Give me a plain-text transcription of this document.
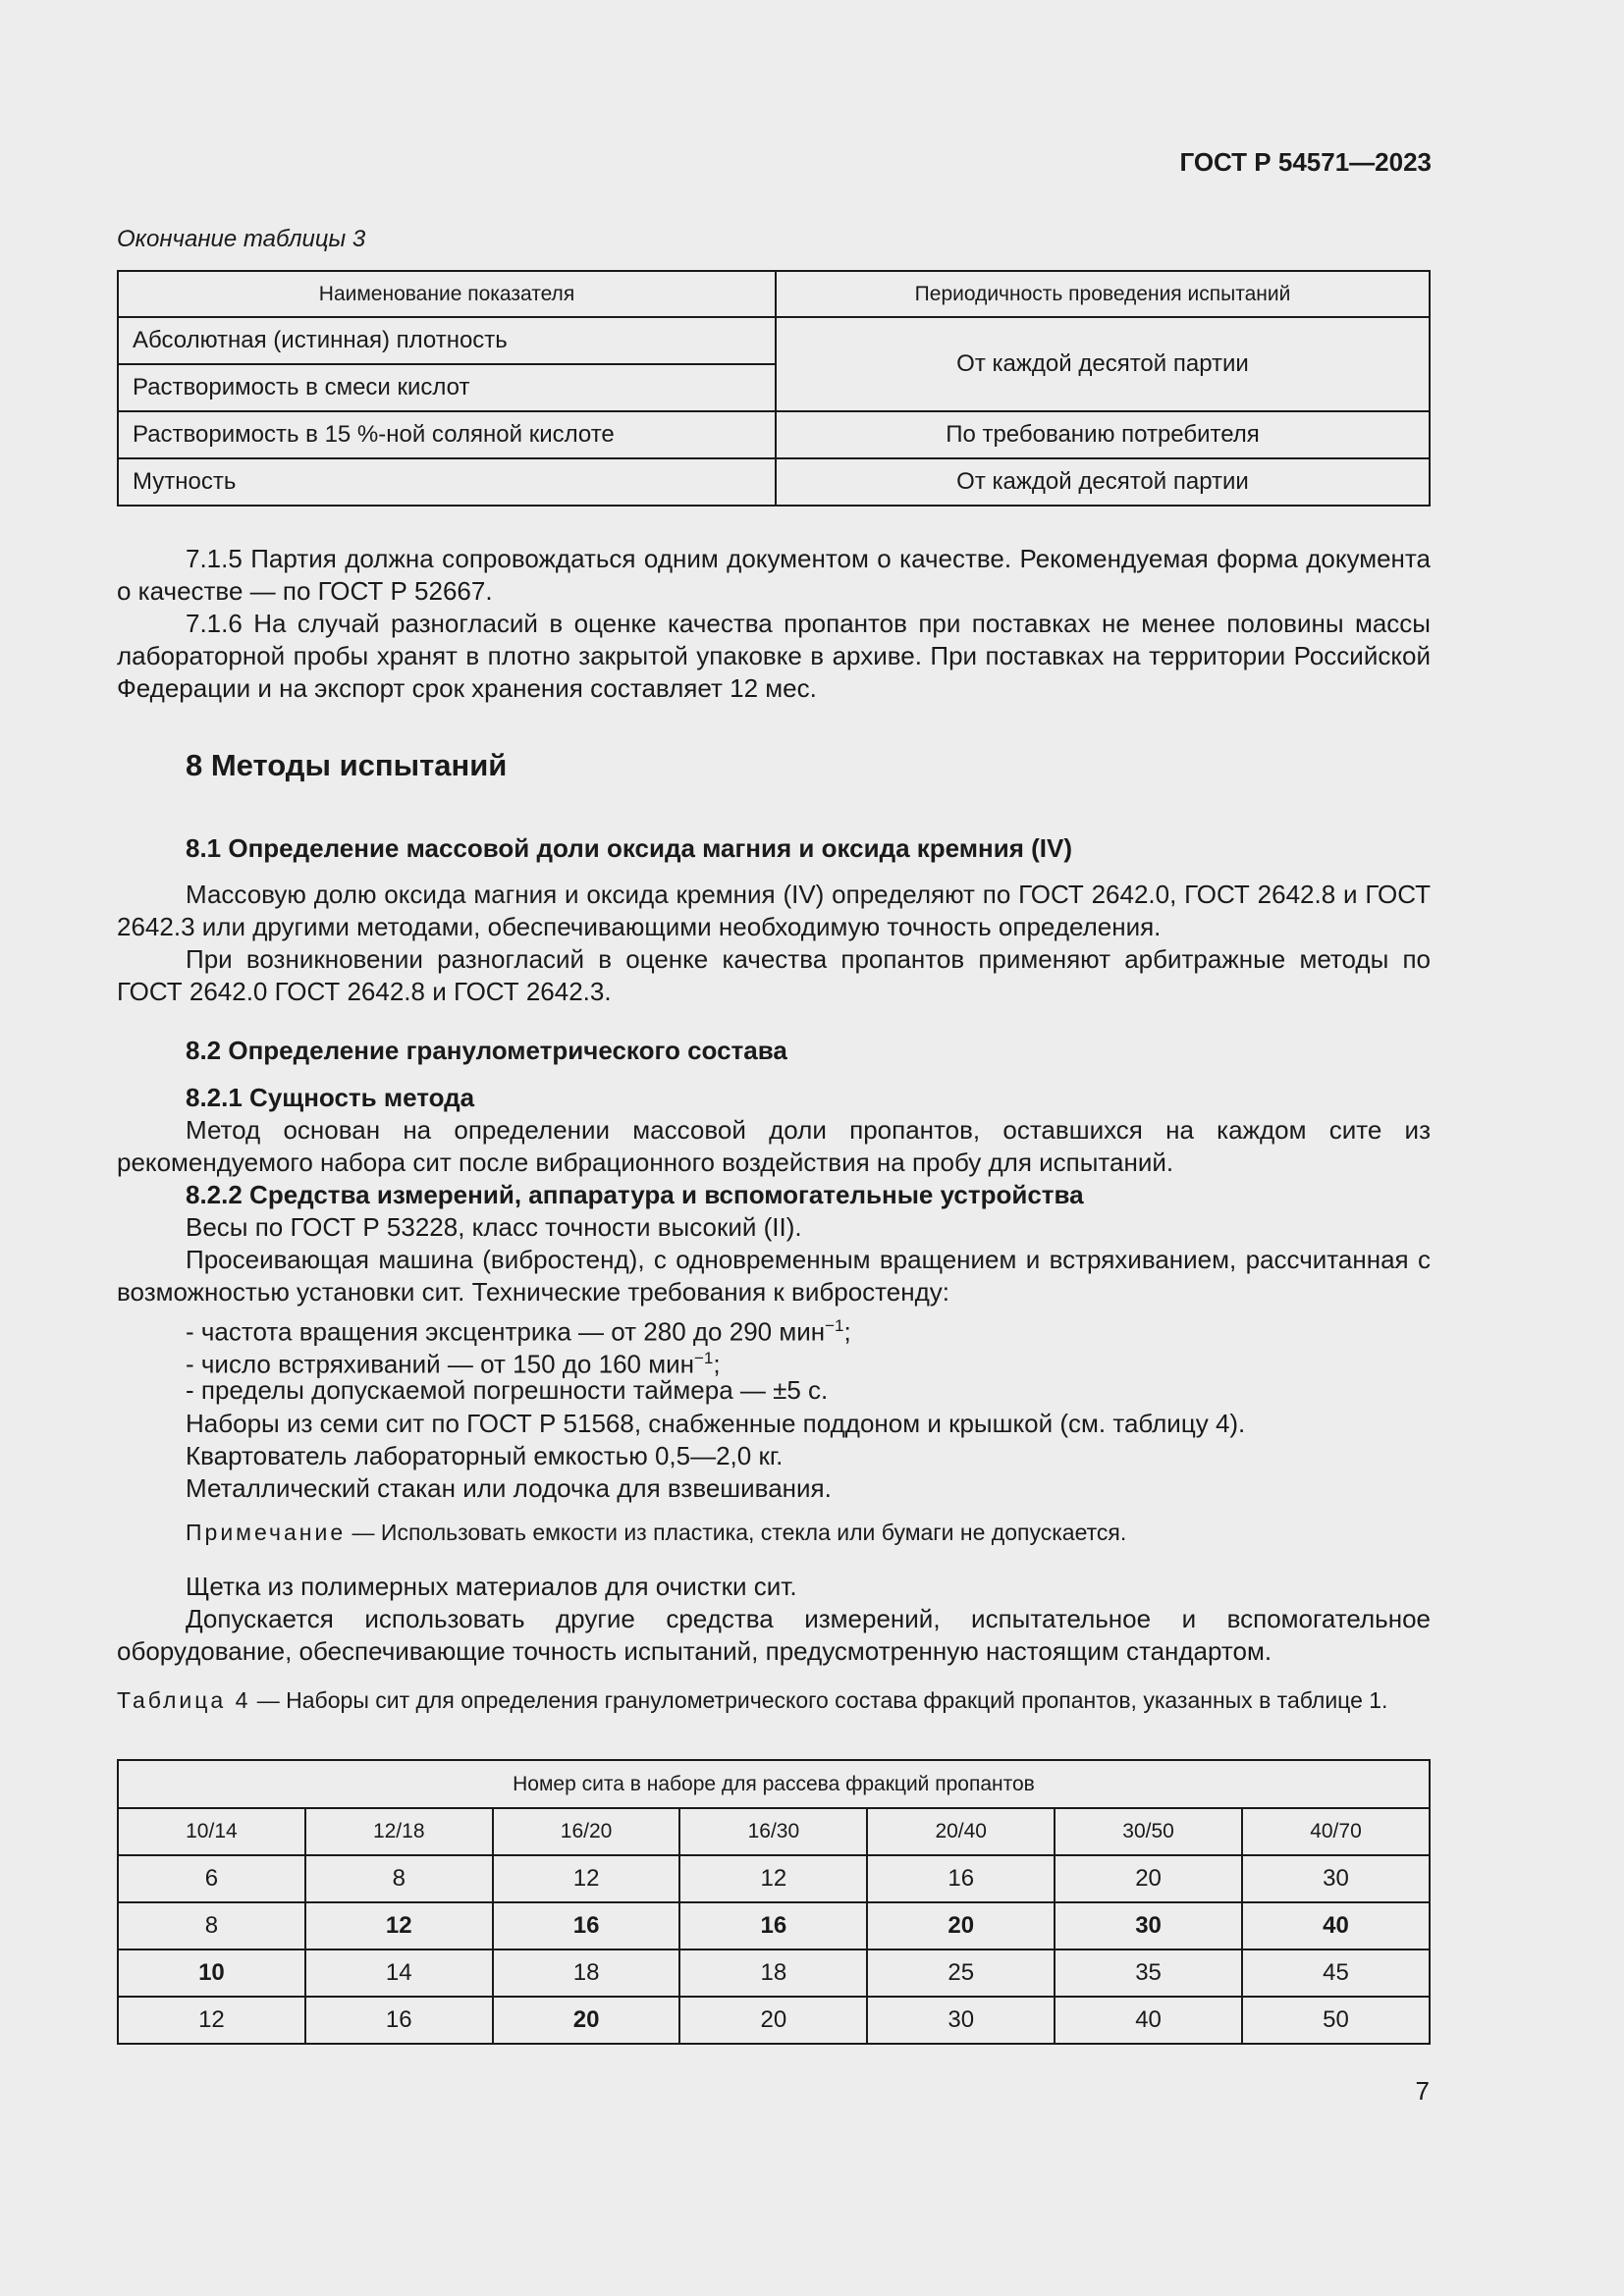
ГОСТ Р 54571—2023
Окончание таблицы 3
Наименование показателя	Периодичность проведения испытаний
Абсолютная (истинная) плотность	От каждой десятой партии
Растворимость в смеси кислот	
Растворимость в 15 %-ной соляной кислоте	По требованию потребителя
Мутность	От каждой десятой партии

7.1.5 Партия должна сопровождаться одним документом о качестве. Рекомендуемая форма документа о качестве — по ГОСТ Р 52667.

7.1.6 На случай разногласий в оценке качества пропантов при поставках не менее половины массы лабораторной пробы хранят в плотно закрытой упаковке в архиве. При поставках на территории Российской Федерации и на экспорт срок хранения составляет 12 мес.

8 Методы испытаний
8.1 Определение массовой доли оксида магния и оксида кремния (IV)

Массовую долю оксида магния и оксида кремния (IV) определяют по ГОСТ 2642.0, ГОСТ 2642.8 и ГОСТ 2642.3 или другими методами, обеспечивающими необходимую точность определения.

При возникновении разногласий в оценке качества пропантов применяют арбитражные методы по ГОСТ 2642.0 ГОСТ 2642.8 и ГОСТ 2642.3.

8.2 Определение гранулометрического состава
8.2.1 Сущность метода

Метод основан на определении массовой доли пропантов, оставшихся на каждом сите из рекомендуемого набора сит после вибрационного воздействия на пробу для испытаний.

8.2.2 Средства измерений, аппаратура и вспомогательные устройства
Весы по ГОСТ Р 53228, класс точности высокий (II).

Просеивающая машина (вибростенд), с одновременным вращением и встряхиванием, рассчитанная с возможностью установки сит. Технические требования к вибростенду:

- частота вращения эксцентрика — от 280 до 290 мин$^{-1}$;
- число встряхиваний — от 150 до 160 мин$^{-1}$;
- пределы допускаемой погрешности таймера — ±5 с.
Наборы из семи сит по ГОСТ Р 51568, снабженные поддоном и крышкой (см. таблицу 4).
Квартователь лабораторный емкостью 0,5—2,0 кг.
Металлический стакан или лодочка для взвешивания.
Примечание — Использовать емкости из пластика, стекла или бумаги не допускается.
Щетка из полимерных материалов для очистки сит.

Допускается использовать другие средства измерений, испытательное и вспомогательное оборудование, обеспечивающие точность испытаний, предусмотренную настоящим стандартом.

Таблица 4 — Наборы сит для определения гранулометрического состава фракций пропантов, указанных в таблице 1.
Номер сита в наборе для рассева фракций пропантов						
10/14	12/18	16/20	16/30	20/40	30/50	40/70
6	8	12	12	16	20	30
8	12	16	16	20	30	40
10	14	18	18	25	35	45
12	16	20	20	30	40	50
7
